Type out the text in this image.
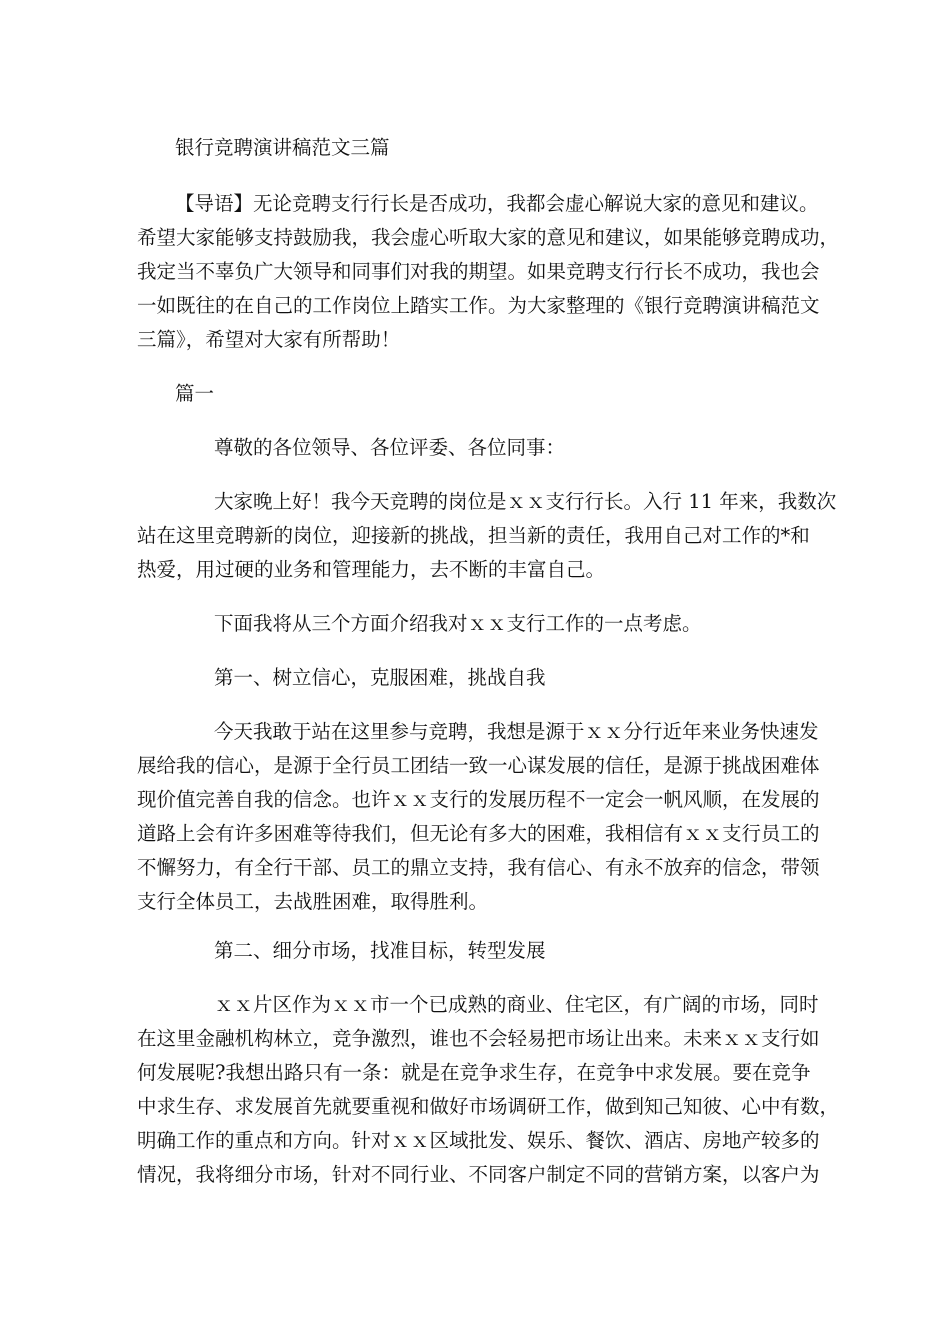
银行竞聘演讲稿范文三篇
【导语】无论竞聘支行行长是否成功，我都会虚心解说大家的意见和建议。
希望大家能够支持鼓励我，我会虚心听取大家的意见和建议，如果能够竞聘成功，
我定当不辜负广大领导和同事们对我的期望。如果竞聘支行行长不成功，我也会
一如既往的在自己的工作岗位上踏实工作。为大家整理的《银行竞聘演讲稿范文
三篇》，希望对大家有所帮助！
篇一
尊敬的各位领导、各位评委、各位同事：
大家晚上好！我今天竞聘的岗位是ｘｘ支行行长。入行 11 年来，我数次
站在这里竞聘新的岗位，迎接新的挑战，担当新的责任，我用自己对工作的*和
热爱，用过硬的业务和管理能力，去不断的丰富自己。
下面我将从三个方面介绍我对ｘｘ支行工作的一点考虑。
第一、树立信心，克服困难，挑战自我
今天我敢于站在这里参与竞聘，我想是源于ｘｘ分行近年来业务快速发
展给我的信心，是源于全行员工团结一致一心谋发展的信任，是源于挑战困难体
现价值完善自我的信念。也许ｘｘ支行的发展历程不一定会一帆风顺，在发展的
道路上会有许多困难等待我们，但无论有多大的困难，我相信有ｘｘ支行员工的
不懈努力，有全行干部、员工的鼎立支持，我有信心、有永不放弃的信念，带领
支行全体员工，去战胜困难，取得胜利。
第二、细分市场，找准目标，转型发展
ｘｘ片区作为ｘｘ市一个已成熟的商业、住宅区，有广阔的市场，同时
在这里金融机构林立，竞争激烈，谁也不会轻易把市场让出来。未来ｘｘ支行如
何发展呢?我想出路只有一条：就是在竞争求生存，在竞争中求发展。要在竞争
中求生存、求发展首先就要重视和做好市场调研工作，做到知己知彼、心中有数，
明确工作的重点和方向。针对ｘｘ区域批发、娱乐、餐饮、酒店、房地产较多的
情况，我将细分市场，针对不同行业、不同客户制定不同的营销方案，以客户为
